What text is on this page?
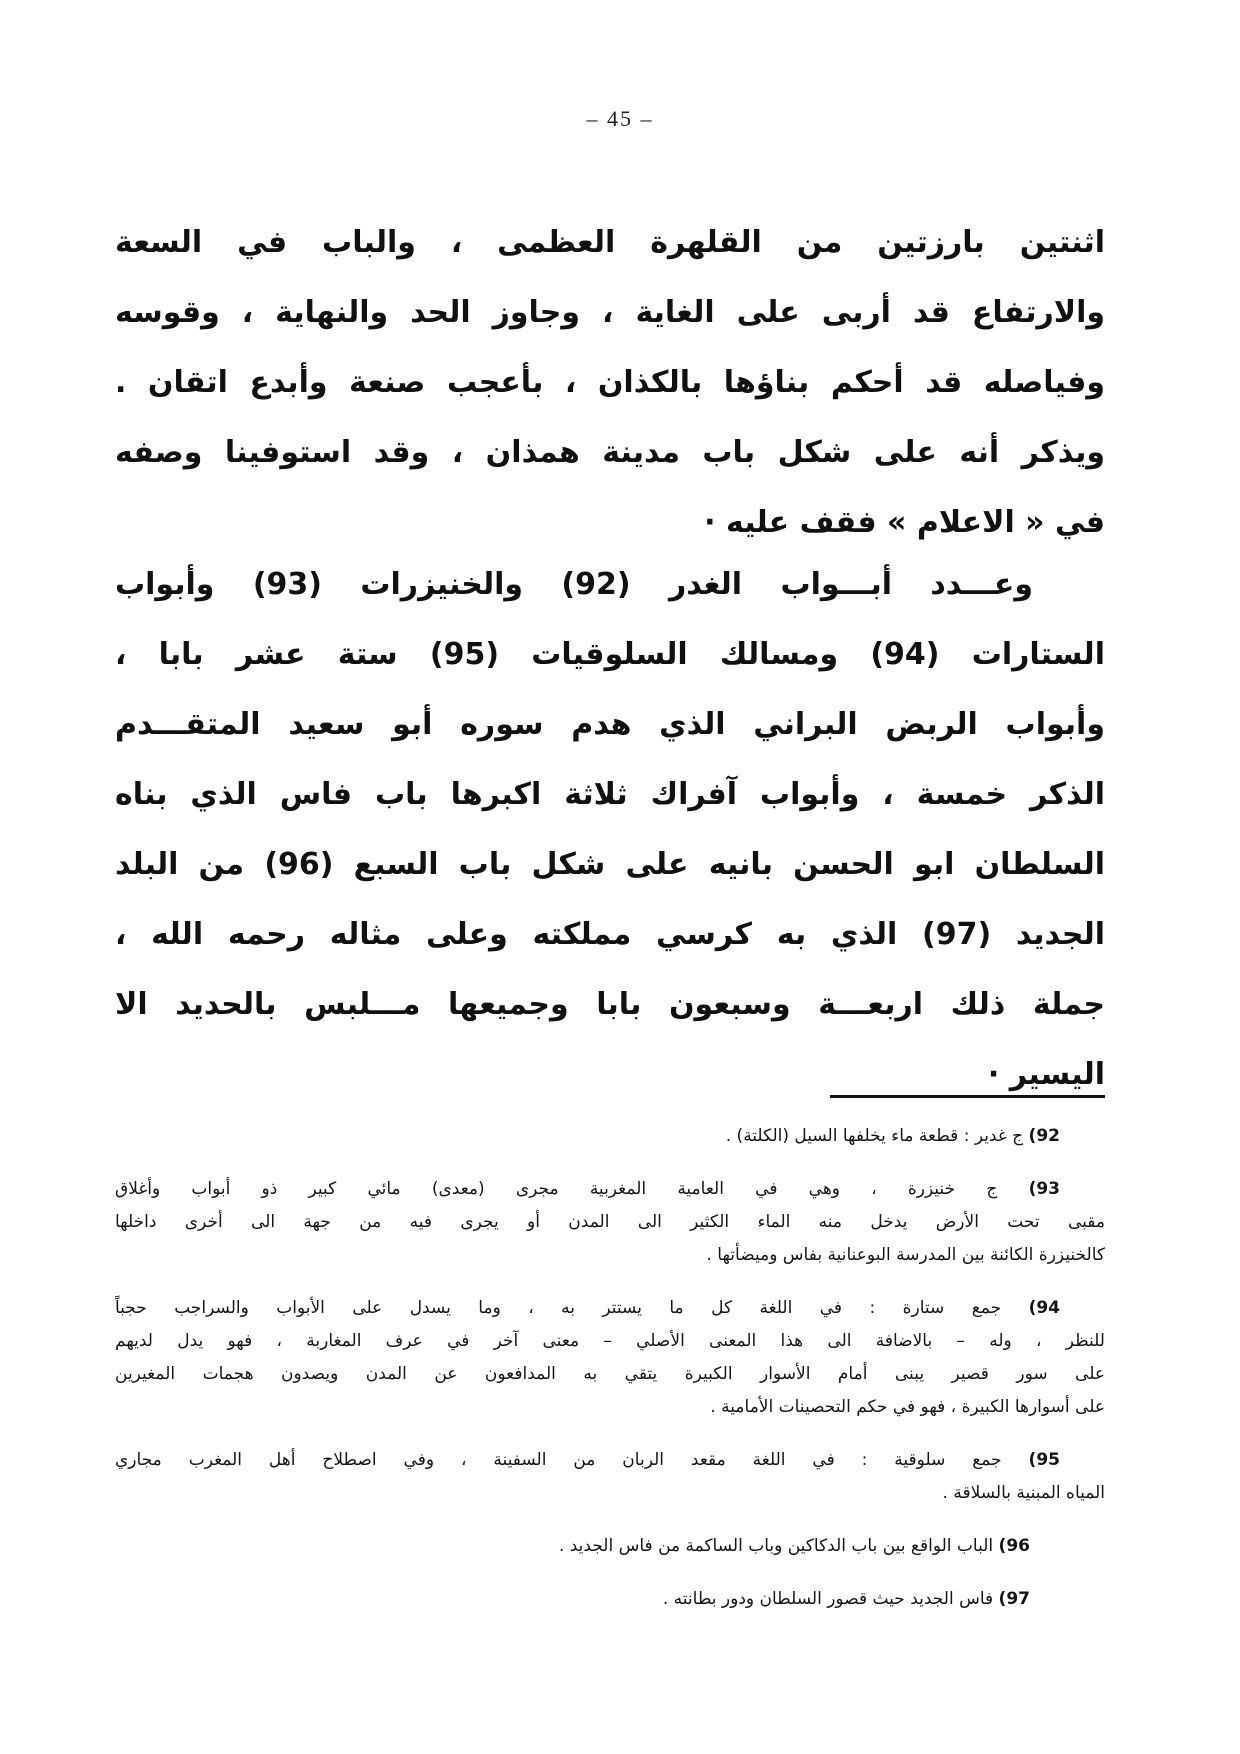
– 45 –
اثنتين بارزتين من القلهرة العظمى ، والباب في السعة
والارتفاع قد أربى على الغاية ، وجاوز الحد والنهاية ، وقوسه
وفياصله قد أحكم بناؤها بالكذان ، بأعجب صنعة وأبدع اتقان .
ويذكر أنه على شكل باب مدينة همذان ، وقد استوفينا وصفه
في « الاعلام » فقف عليه ·
وعـــدد أبـــواب الغدر (92) والخنيزرات (93) وأبواب
الستارات (94) ومسالك السلوقيات (95) ستة عشر بابا ،
وأبواب الربض البراني الذي هدم سوره أبو سعيد المتقـــدم
الذكر خمسة ، وأبواب آفراك ثلاثة اكبرها باب فاس الذي بناه
السلطان ابو الحسن بانيه على شكل باب السبع (96) من البلد
الجديد (97) الذي به كرسي مملكته وعلى مثاله رحمه الله ،
جملة ذلك اربعـــة وسبعون بابا وجميعها مـــلبس بالحديد الا
اليسير ·
92) ج غدير : قطعة ماء يخلفها السيل (الكلتة) .
93) ج خنيزرة ، وهي في العامية المغربية مجرى (معدى) مائي كبير ذو أبواب وأغلاق
مقبى تحت الأرض يدخل منه الماء الكثير الى المدن أو يجرى فيه من جهة الى أخرى داخلها
كالخنيزرة الكائنة بين المدرسة البوعنانية بفاس وميضأتها .
94) جمع ستارة : في اللغة كل ما يستتر به ، وما يسدل على الأبواب والسراجب حجباً
للنظر ، وله – بالاضافة الى هذا المعنى الأصلي – معنى آخر في عرف المغاربة ، فهو يدل لديهم
على سور قصير يبنى أمام الأسوار الكبيرة يتقي به المدافعون عن المدن ويصدون هجمات المغيرين
على أسوارها الكبيرة ، فهو في حكم التحصينات الأمامية .
95) جمع سلوقية : في اللغة مقعد الربان من السفينة ، وفي اصطلاح أهل المغرب مجاري
المياه المبنية بالسلاقة .
96) الباب الواقع بين باب الدكاكين وباب الساكمة من فاس الجديد .
97) فاس الجديد حيث قصور السلطان ودور بطانته .
